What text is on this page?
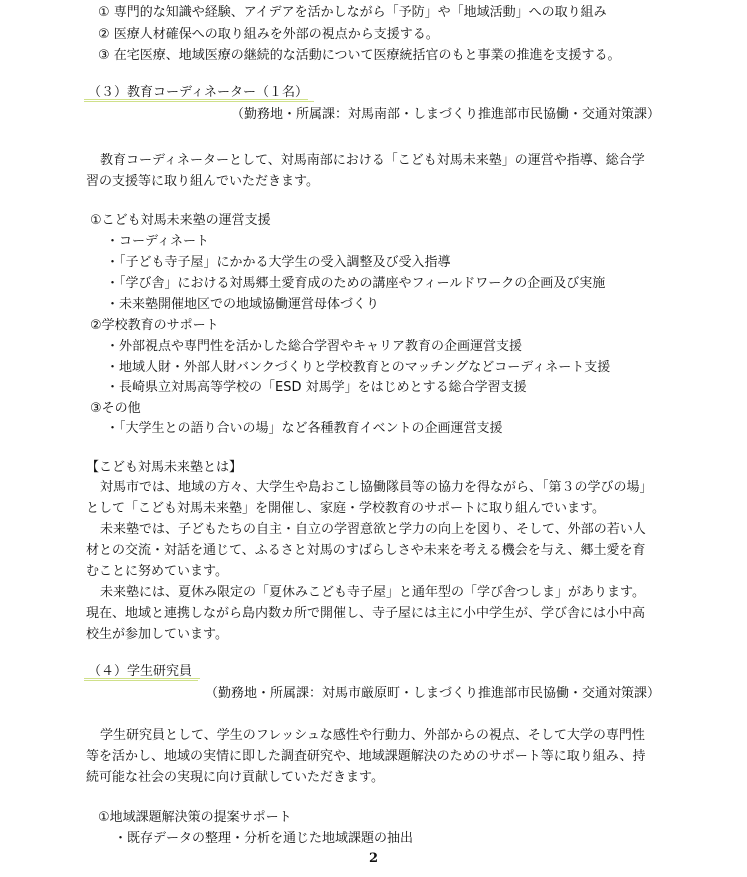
① 専門的な知識や経験、アイデアを活かしながら「予防」や「地域活動」への取り組み
② 医療人材確保への取り組みを外部の視点から支援する。
③ 在宅医療、地域医療の継続的な活動について医療統括官のもと事業の推進を支援する。
（３）教育コーディネーター（１名）
（勤務地・所属課：対馬南部・しまづくり推進部市民協働・交通対策課）
教育コーディネーターとして、対馬南部における「こども対馬未来塾」の運営や指導、総合学
習の支援等に取り組んでいただきます。
①こども対馬未来塾の運営支援
・コーディネート
・「子ども寺子屋」にかかる大学生の受入調整及び受入指導
・「学び舎」における対馬郷土愛育成のための講座やフィールドワークの企画及び実施
・未来塾開催地区での地域協働運営母体づくり
②学校教育のサポート
・外部視点や専門性を活かした総合学習やキャリア教育の企画運営支援
・地域人財・外部人財バンクづくりと学校教育とのマッチングなどコーディネート支援
・長崎県立対馬高等学校の「ESD 対馬学」をはじめとする総合学習支援
③その他
・「大学生との語り合いの場」など各種教育イベントの企画運営支援
【こども対馬未来塾とは】
対馬市では、地域の方々、大学生や島おこし協働隊員等の協力を得ながら、「第３の学びの場」
として「こども対馬未来塾」を開催し、家庭・学校教育のサポートに取り組んでいます。
未来塾では、子どもたちの自主・自立の学習意欲と学力の向上を図り、そして、外部の若い人
材との交流・対話を通じて、ふるさと対馬のすばらしさや未来を考える機会を与え、郷土愛を育
むことに努めています。
未来塾には、夏休み限定の「夏休みこども寺子屋」と通年型の「学び舎つしま」があります。
現在、地域と連携しながら島内数カ所で開催し、寺子屋には主に小中学生が、学び舎には小中高
校生が参加しています。
（４）学生研究員
（勤務地・所属課：対馬市厳原町・しまづくり推進部市民協働・交通対策課）
学生研究員として、学生のフレッシュな感性や行動力、外部からの視点、そして大学の専門性
等を活かし、地域の実情に即した調査研究や、地域課題解決のためのサポート等に取り組み、持
続可能な社会の実現に向け貢献していただきます。
①地域課題解決策の提案サポート
・既存データの整理・分析を通じた地域課題の抽出
2
